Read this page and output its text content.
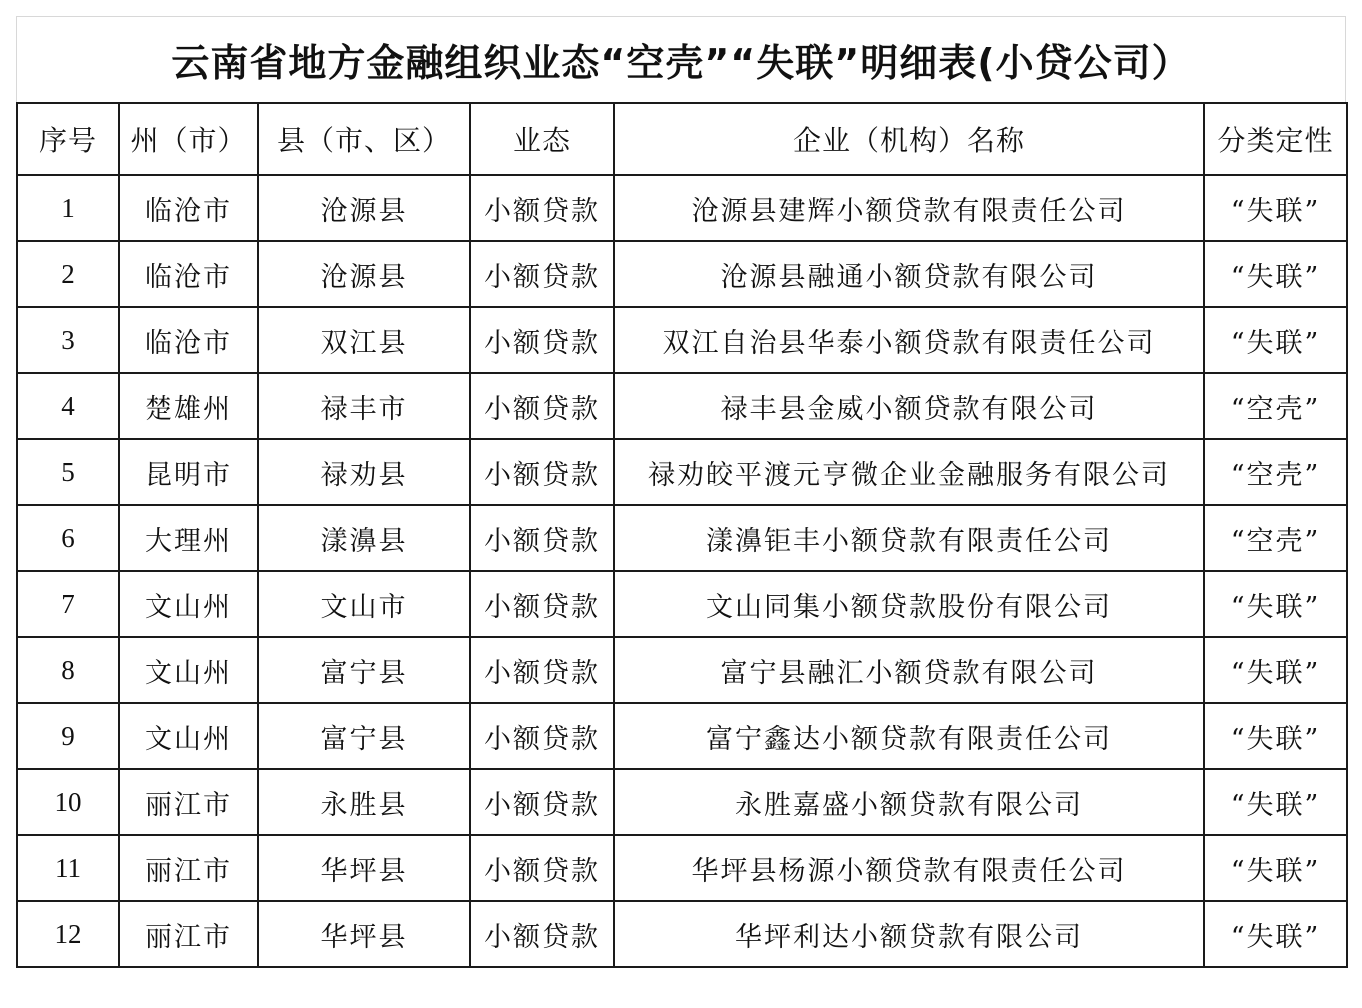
云南省地方金融组织业态“空壳”“失联”明细表(小贷公司）
序号	州（市）	县（市、区）	业态	企业（机构）名称	分类定性
1	临沧市	沧源县	小额贷款	沧源县建辉小额贷款有限责任公司	“失联”
2	临沧市	沧源县	小额贷款	沧源县融通小额贷款有限公司	“失联”
3	临沧市	双江县	小额贷款	双江自治县华泰小额贷款有限责任公司	“失联”
4	楚雄州	禄丰市	小额贷款	禄丰县金威小额贷款有限公司	“空壳”
5	昆明市	禄劝县	小额贷款	禄劝皎平渡元亨微企业金融服务有限公司	“空壳”
6	大理州	漾濞县	小额贷款	漾濞钜丰小额贷款有限责任公司	“空壳”
7	文山州	文山市	小额贷款	文山同集小额贷款股份有限公司	“失联”
8	文山州	富宁县	小额贷款	富宁县融汇小额贷款有限公司	“失联”
9	文山州	富宁县	小额贷款	富宁鑫达小额贷款有限责任公司	“失联”
10	丽江市	永胜县	小额贷款	永胜嘉盛小额贷款有限公司	“失联”
11	丽江市	华坪县	小额贷款	华坪县杨源小额贷款有限责任公司	“失联”
12	丽江市	华坪县	小额贷款	华坪利达小额贷款有限公司	“失联”
